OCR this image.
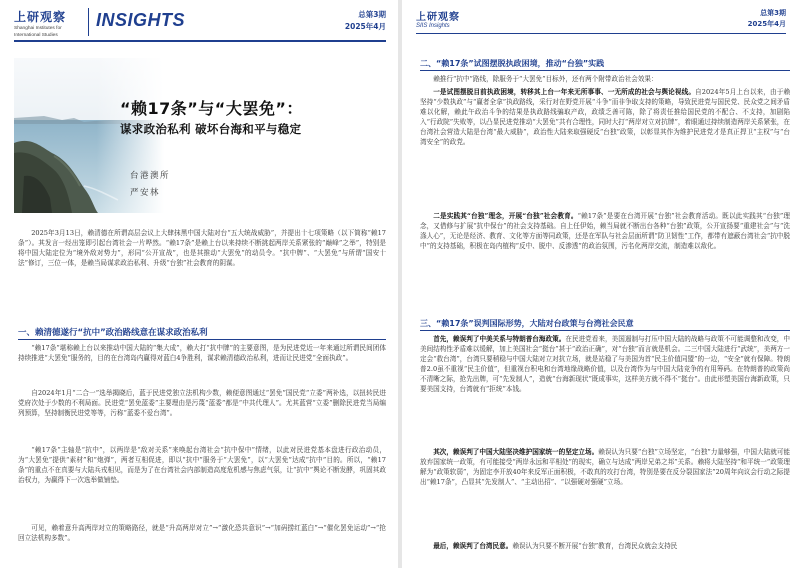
上研观察
Shanghai Institutes for
International Studies
INSIGHTS	总第3期
2025年4月
“赖17条”与“大罢免”：
谋求政治私利 破坏台海和平与稳定
台港澳所
严安林

2025年3月13日，赖清德在所谓高层会议上大肆抹黑中国大陆对台“五大统战威胁”，并提出十七项策略（以下简称“赖17条”）。其发言一经出笼即引起台湾社会一片哗然。“赖17条”是赖上台以来持续不断挑起两岸关系紧张的“巅峰”之举”，特别是将中国大陆定位为“境外敌对势力”，形同“公开宣战”，也是其推动“大罢免”的动员令。“抗中牌”、“大罢免”与所谓“国安十法”修订，三位一体，是赖当局谋求政治私利、升级“台独”社会教育的阴谋。

一、赖清德遂行“抗中”政治路线意在谋求政治私利

“赖17条”堪称赖上台以来推动中国大陆的“集大成”，赖大打“抗中牌”的主要意图，是为民进党近一年来通过所谓民间团体持续推进“大罢免”服务的，目的在台湾岛内赢得对蓝白4争胜利，谋求赖清德政治私利，进而让民进党“全面执政”。

自2024年1月“二合一”选举揭晓后，蓝于民进党独立法机构少数，赖便意图通过“罢免”国民党“立委”两补选，以扭转民进党府次处于少数的不利局面。民进党“罢免蓝委”主要理由是污蔑“蓝委”都是“中共代理人”。尤其蓝营“立委”删除民进党当局编列预算，坚持制衡民进党等等，污称“蓝委不爱台湾”。

“赖17条”主轴是“抗中”，以两岸是“敌对关系”来唤起台湾社会“抗中保中”情绪，以此对民进党基本盘进行政治动员，为“大罢免”提供“素材”和“炮弹”，两者互相促进，即以“抗中”服务于“大罢免”，以“大罢免”达成“抗中”目的。所以，“赖17条”的重点不在真要与大陆兵戎相见，而是为了在台湾社会内部制造高度危机感与焦虑气氛，让“抗中”舆论不断发酵，巩固其政治权力，为赢得下一次选举做铺垫。

可见，赖着意升高两岸对立的策略路径，就是“升高两岸对立”→“激化恐共意识”→“加码捞红蓝白”→“催化罢免运动”→“抢回立法机构多数”。

上研观察
SIIS Insights
总第3期
2025年4月
二、“赖17条”试图摆脱执政困境，推动“台独”实践

赖推行“抗中”路线，除服务于“大罢免”目标外，还有两个附带政治社会效果：

一是试图摆脱目前执政困境，转移其上台一年来无所事事、一无所成的社会与舆论视线。自2024年5月上台以来，由于赖坚持“少数执政”与“赢者全拿”执政路线，采行对在野党开展“斗争”而非争取支持的策略，导致民进党与国民党、民众党之间矛盾难以化解，赖此午政治斗争的结果是执政路线骗取产政，政绩乏善可陈，除了将责任推给国民党的不配合、不支持，加剧陷入“行政院”失败等，以凸显民进党推动“大罢免”共有合理性，同时大打“两岸对立对抗牌”，着眼通过持续制造两岸关系紧张，在台湾社会营造大陆是台湾“最大威胁”，政治性大陆来取强硬反“台独”政策，以彰显其作为维护民进党才是真正捍卫“主权”与“台湾安全”的政党。

二是实践其“台独”理念，开展“台独”社会教育。“赖17条”是要在台湾开展“台独”社会教育活动。既以此实践其“台独”理念，又借修与扩展“抗中保台”的社会支持基础。自上任伊始，赖当局就不断出台各种“台独”政策，公开宣扬要“重建社会”与“洗涤人心”，无论是经济、教育、文化等方面等同政策，还是在军队与社会层面所谓“防卫韧性”工作，都带有遮蔽台湾社会“抗中脱中”的支持基础，积极在岛内植构“反中、脱中、反渗透”的政治氛围，污名化两岸交流，制造难以敌化。

三、“赖17条”误判国际形势，大陆对台政策与台湾社会民意

首先，赖误判了中美关系与特朗普台海政策。在民进党看来，美国遏制与打压中国大陆的战略与政策不可能调整和改变，中美间结构性矛盾难以缓解，加上美国社会“挺台”甚于“政治正确”，对“台独”而言就是机会。二三中国大陆进行“武统”，美两方一定会“救台湾”，台湾只要稍稳与中国大陆对立对抗立场，就是站稳了与美国为首“民主价值同盟”的一边，“安全”就有保障。特朗普2.0虽不重视“民主价值”，但重视台积电和台湾地缘战略价值，以及台湾作为与中国大陆竞争的有用筹码。在特朗普的政策尚不清晰之际，抢先出牌，可“先发制人”，造就“台海新现状”既成事实，这样美方就不得不“挺台”。由此形塑美国台海新政策，只要美国支持，台湾就有“拒统”本钱。

其次，赖误判了中国大陆坚决维护国家统一的坚定立场。赖误认为只要“台独”立场坚定，“台独”力量够强，中国大陆就可能放弃国家统一政策，有可能接受“两岸永远和平相处”的现实，确立与达成“两岸兄弟之邦”关系。赖将大陆坚持“和平统一”政策理解为“政策软弱”，为固定李开放40年来反军正面积极，不敢真的攻打台湾，特别是要在反分裂国家法”20周年向议会行动之际提出“赖17条”，凸显其“先发制人”、“主动出招”、“以强硬对强硬”立场。

最后，赖误判了台湾民意。赖误认为只要不断开展“台独”教育，台湾民众就会支持民
